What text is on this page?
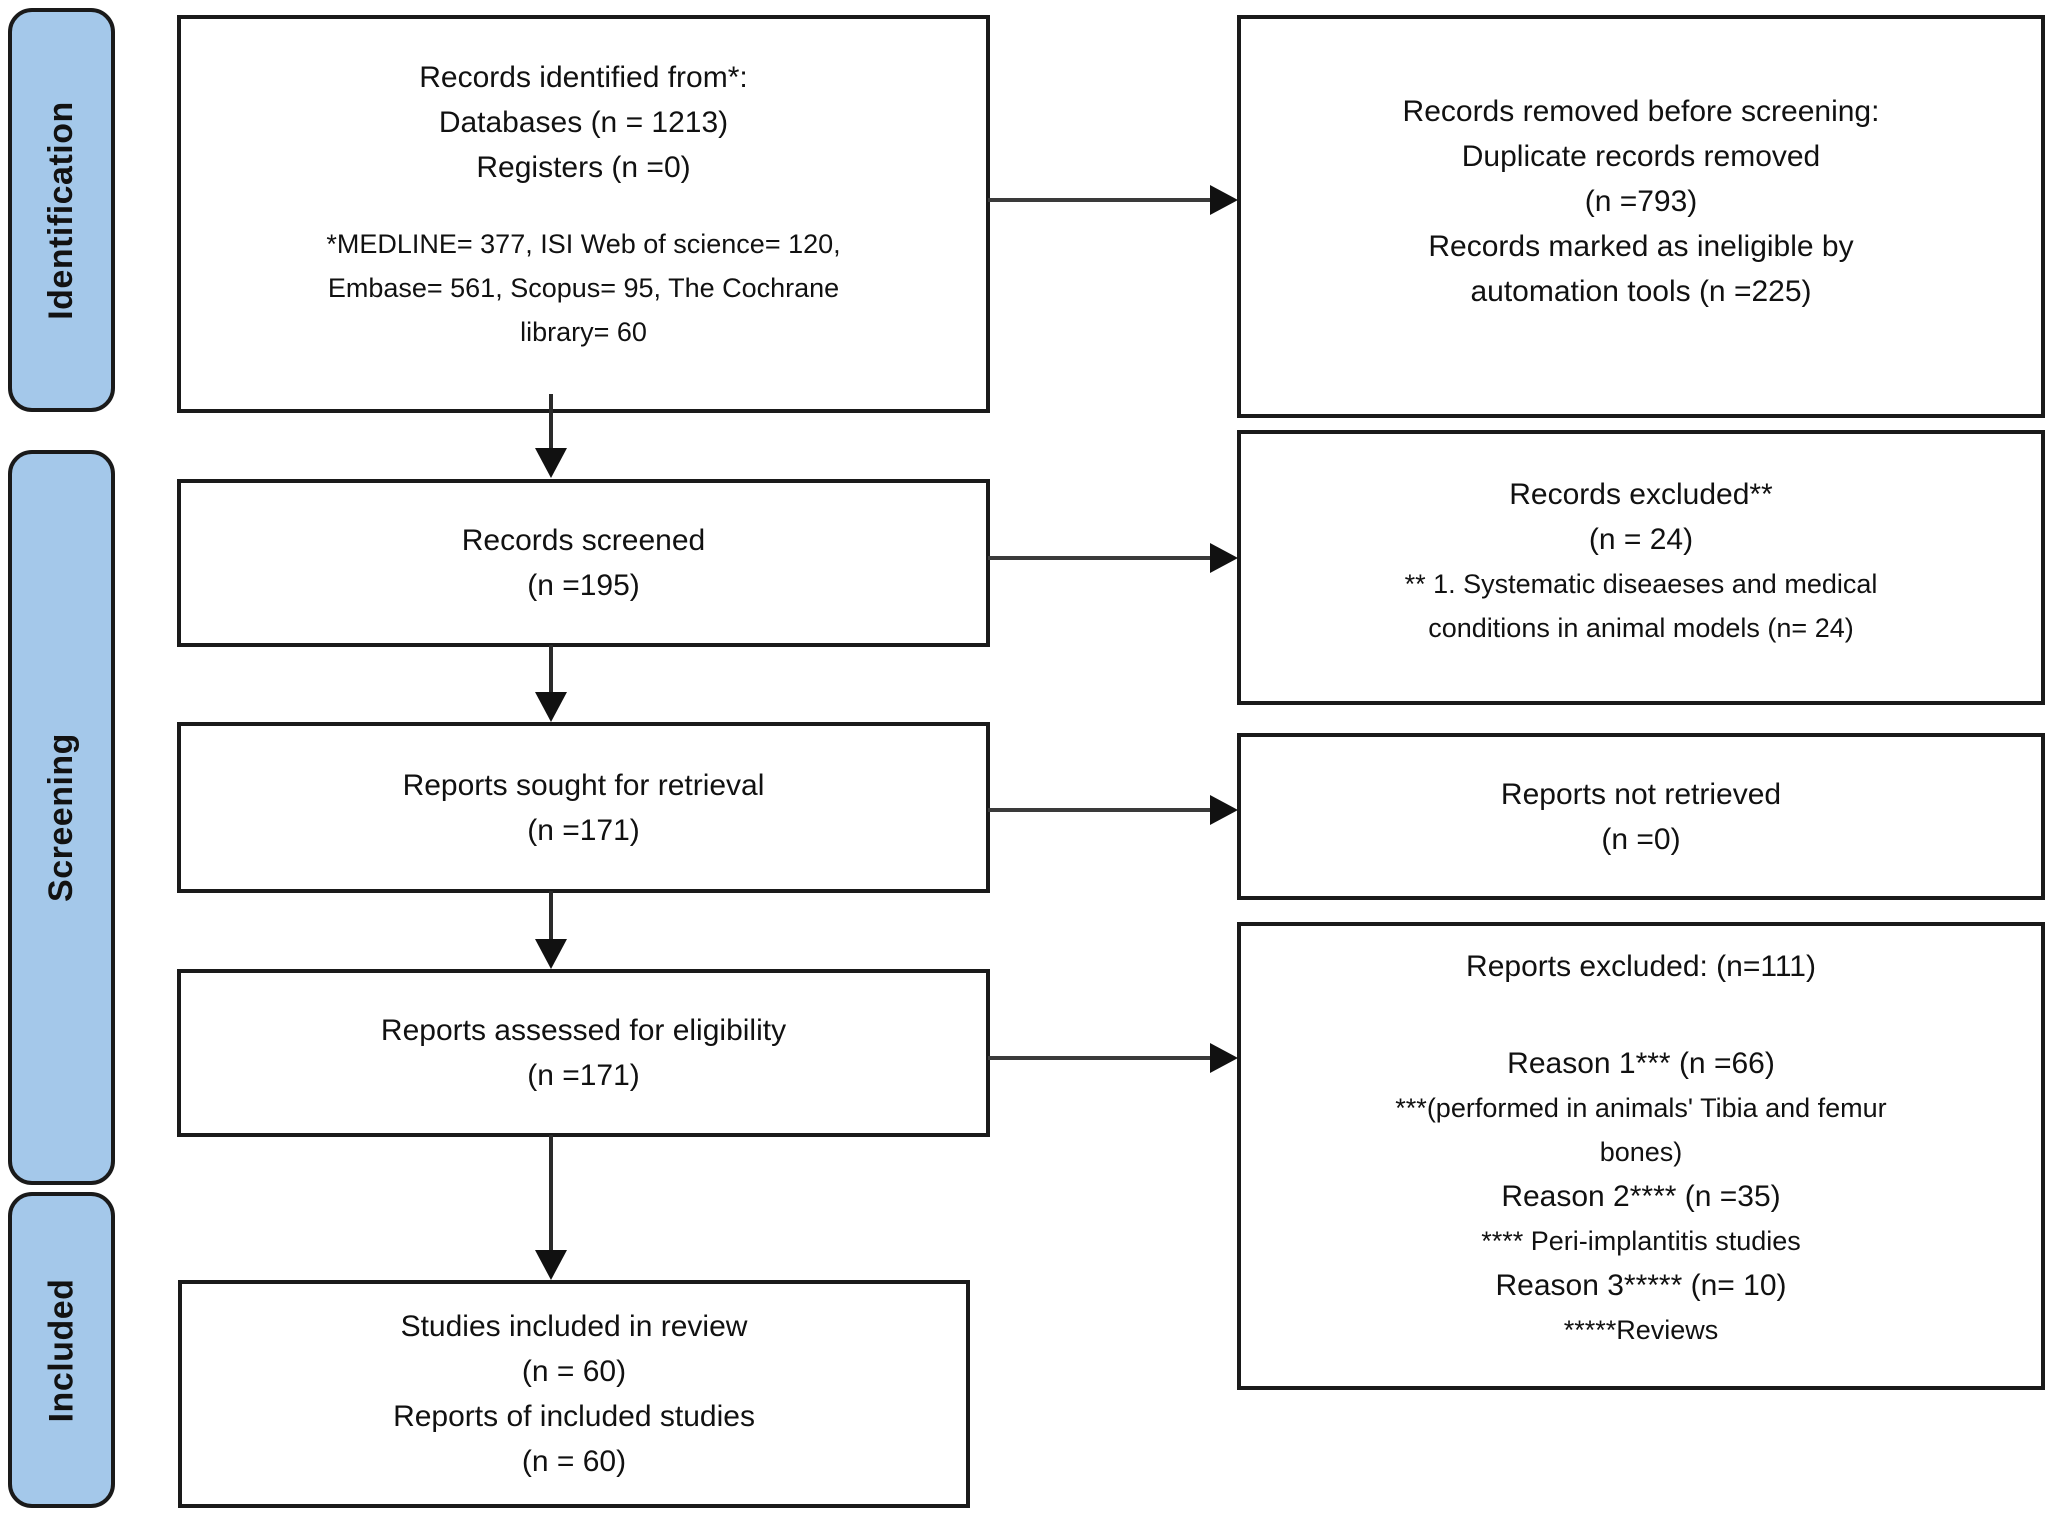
Identification
Screening
Included
Records identified from*:
Databases (n = 1213)
Registers (n =0)
*MEDLINE= 377, ISI Web of science= 120,
Embase= 561, Scopus= 95, The Cochrane
library= 60
Records screened
(n =195)
Reports sought for retrieval
(n =171)
Reports assessed for eligibility
(n =171)
Studies included in review
(n = 60)
Reports of included studies
(n = 60)
Records removed before screening:
Duplicate records removed
(n =793)
Records marked as ineligible by
automation tools (n =225)
Records excluded**
(n = 24)
** 1. Systematic diseaeses and medical
conditions in animal models (n= 24)
Reports not retrieved
(n =0)
Reports excluded: (n=111)
Reason 1*** (n =66)
***(performed in animals' Tibia and femur
bones)
Reason 2**** (n =35)
**** Peri-implantitis studies
Reason 3***** (n= 10)
*****Reviews
